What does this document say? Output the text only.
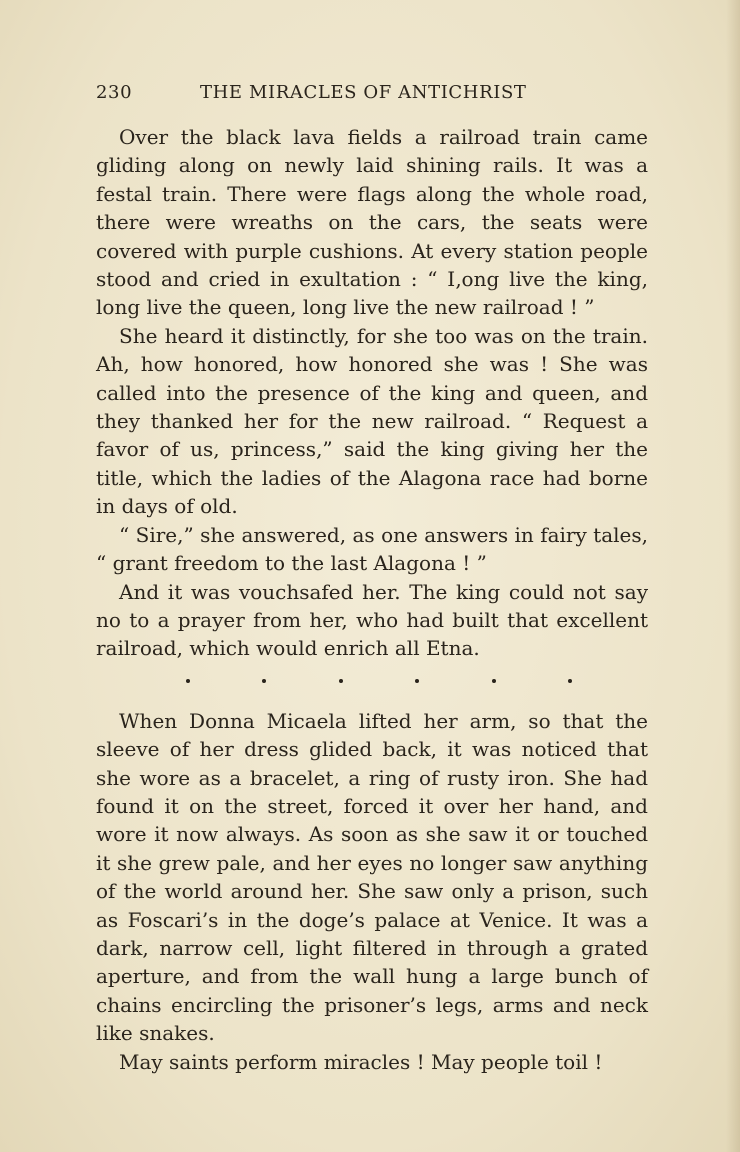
230	THE MIRACLES OF ANTICHRIST

Over the black lava fields a railroad train came gliding along on newly laid shining rails. It was a festal train. There were flags along the whole road, there were wreaths on the cars, the seats were covered with purple cushions. At every station people stood and cried in exultation : “ I‚ong live the king, long live the queen, long live the new railroad ! ”

She heard it distinctly, for she too was on the train. Ah, how honored, how honored she was ! She was called into the presence of the king and queen, and they thanked her for the new railroad. “ Request a favor of us, princess,” said the king giving her the title, which the ladies of the Alagona race had borne in days of old.

“ Sire,” she answered, as one answers in fairy tales, “ grant freedom to the last Alagona ! ”

And it was vouchsafed her. The king could not say no to a prayer from her, who had built that excellent railroad, which would enrich all Etna.

When Donna Micaela lifted her arm, so that the sleeve of her dress glided back, it was noticed that she wore as a bracelet, a ring of rusty iron. She had found it on the street, forced it over her hand, and wore it now always. As soon as she saw it or touched it she grew pale, and her eyes no longer saw anything of the world around her. She saw only a prison, such as Foscari’s in the doge’s palace at Venice. It was a dark, narrow cell, light filtered in through a grated aperture, and from the wall hung a large bunch of chains encircling the prisoner’s legs, arms and neck like snakes.

May saints perform miracles ! May people toil !
